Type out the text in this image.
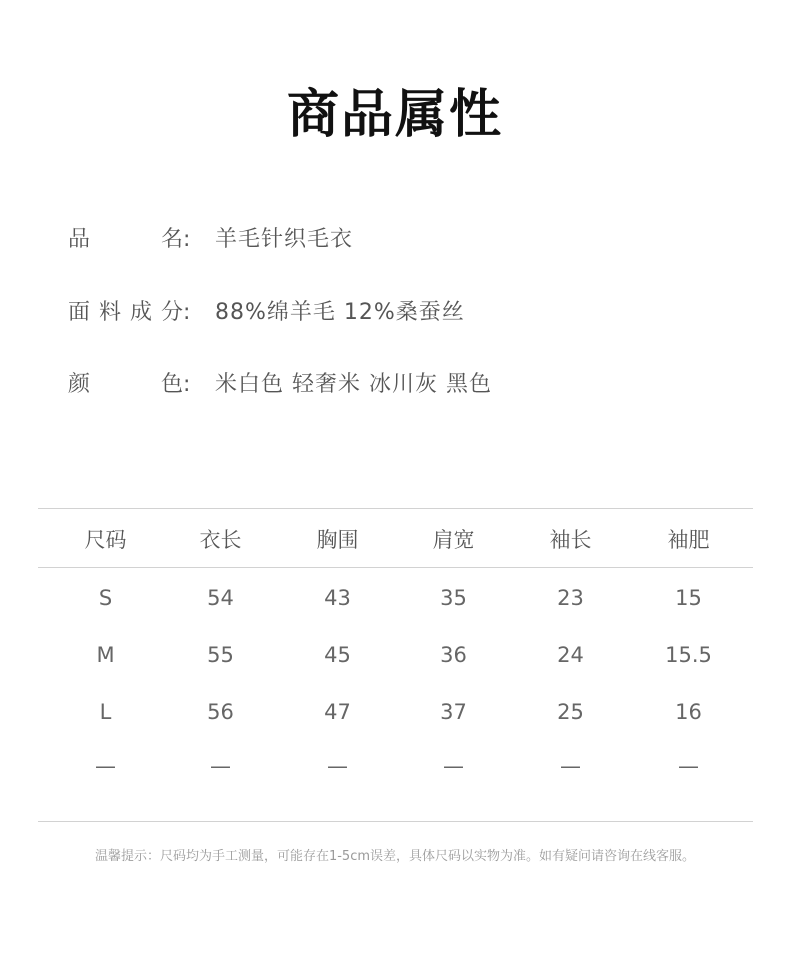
商品属性
品	名 : 羊毛针织毛衣
面 料 成 分 : 88%绵羊毛 12%桑蚕丝
颜	色 : 米白色 轻奢米 冰川灰 黑色
尺码	衣长	胸围	肩宽	袖长	袖肥
S	54	43	35	23	15
M	55	45	36	24	15.5
L	56	47	37	25	16
—	—	—	—	—	—
温馨提示：尺码均为手工测量，可能存在1-5cm误差，具体尺码以实物为准。如有疑问请咨询在线客服。
